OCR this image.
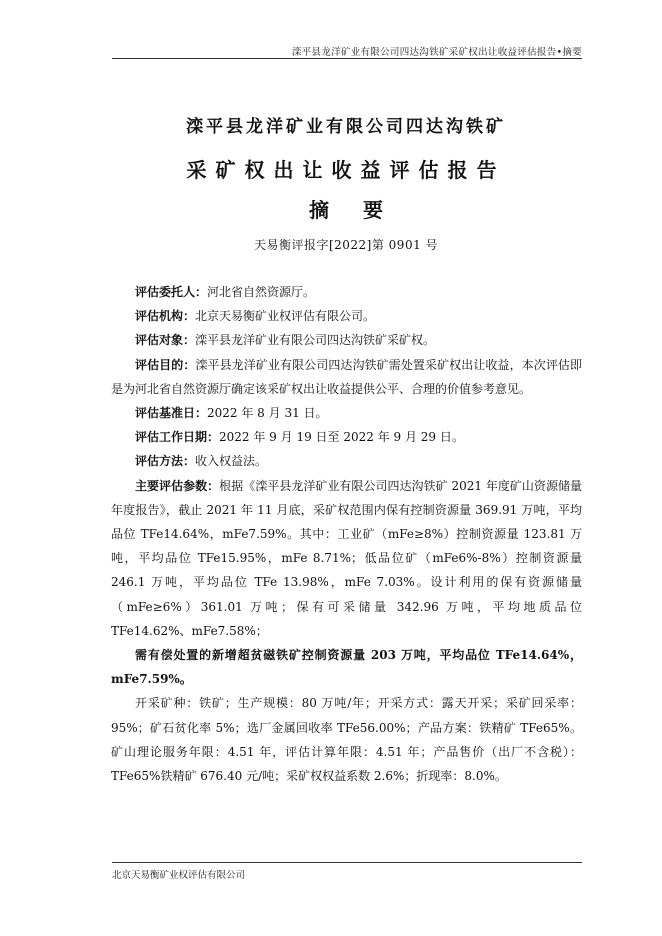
滦平县龙洋矿业有限公司四达沟铁矿采矿权出让收益评估报告•摘要
滦平县龙洋矿业有限公司四达沟铁矿
采矿权出让收益评估报告
摘 要
天易衡评报字[2022]第 0901 号

评估委托人：河北省自然资源厅。

评估机构：北京天易衡矿业权评估有限公司。

评估对象：滦平县龙洋矿业有限公司四达沟铁矿采矿权。

评估目的：滦平县龙洋矿业有限公司四达沟铁矿需处置采矿权出让收益，本次评估即是为河北省自然资源厅确定该采矿权出让收益提供公平、合理的价值参考意见。

评估基准日：2022 年 8 月 31 日。

评估工作日期：2022 年 9 月 19 日至 2022 年 9 月 29 日。

评估方法：收入权益法。

主要评估参数：根据《滦平县龙洋矿业有限公司四达沟铁矿 2021 年度矿山资源储量年度报告》，截止 2021 年 11 月底，采矿权范围内保有控制资源量 369.91 万吨，平均品位 TFe14.64%，mFe7.59%。其中：工业矿（mFe≥8%）控制资源量 123.81 万吨，平均品位 TFe15.95%，mFe 8.71%；低品位矿（mFe6%-8%）控制资源量 246.1 万吨，平均品位 TFe 13.98%，mFe 7.03%。设计利用的保有资源储量（mFe≥6%）361.01 万吨；保有可采储量 342.96 万吨，平均地质品位 TFe14.62%、mFe7.58%；

需有偿处置的新增超贫磁铁矿控制资源量 203 万吨，平均品位 TFe14.64%，mFe7.59%。

开采矿种：铁矿；生产规模：80 万吨/年；开采方式：露天开采；采矿回采率：95%；矿石贫化率 5%；选厂金属回收率 TFe56.00%；产品方案：铁精矿 TFe65%。矿山理论服务年限：4.51 年，评估计算年限：4.51 年；产品售价（出厂不含税）：TFe65%铁精矿 676.40 元/吨；采矿权权益系数 2.6%；折现率：8.0%。

北京天易衡矿业权评估有限公司
